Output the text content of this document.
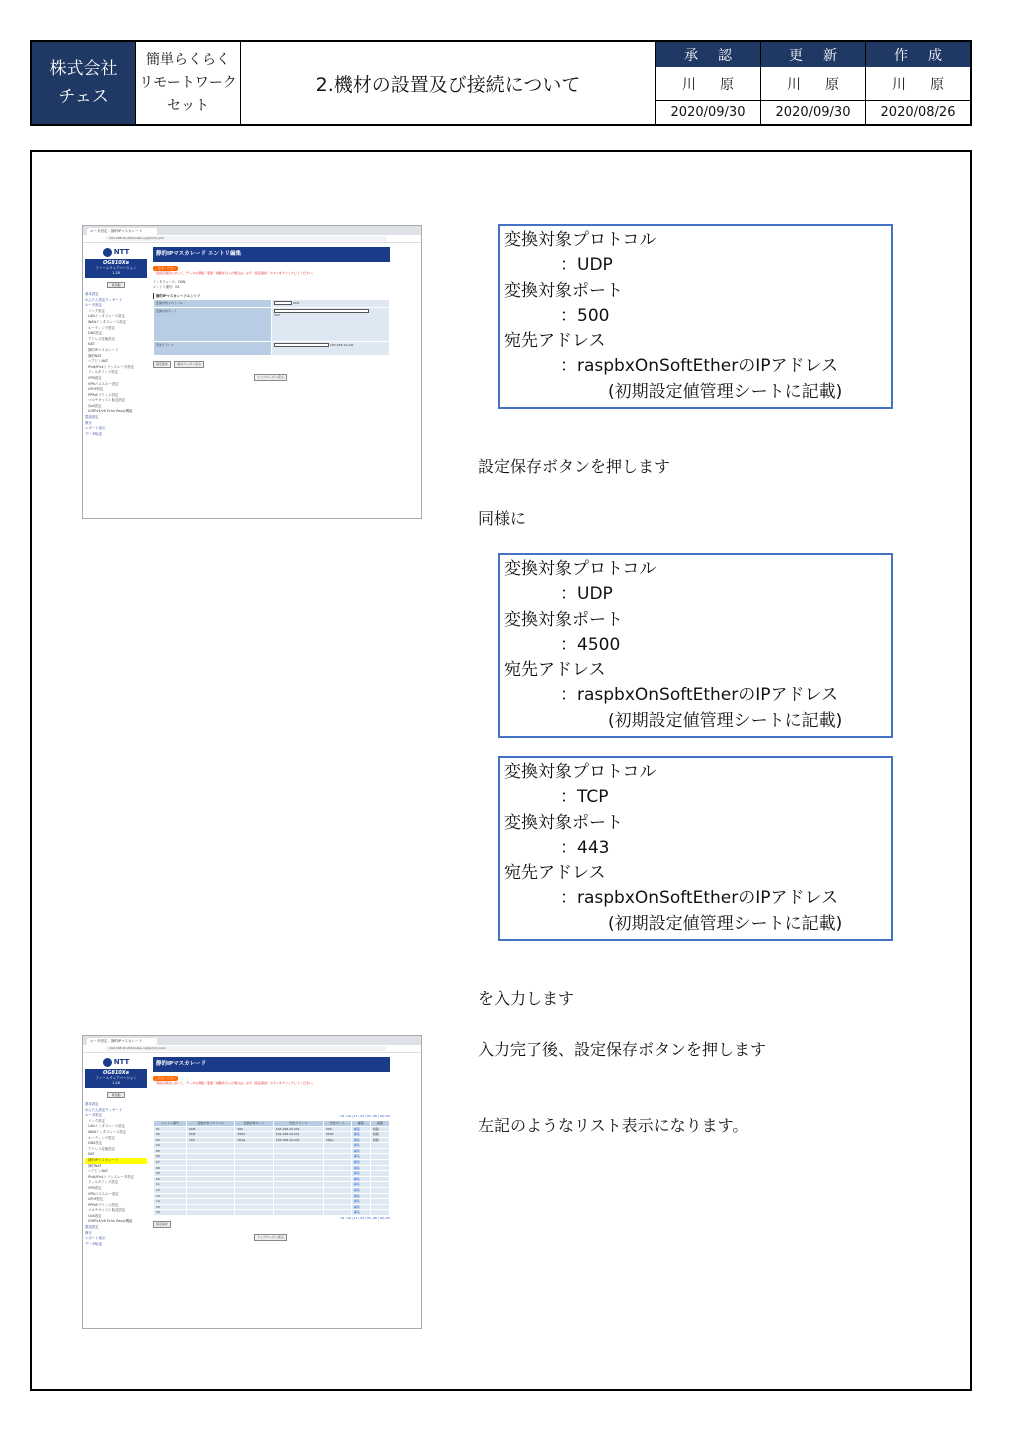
株式会社
チェス
簡単らくらく
リモートワーク
セット
2.機材の設置及び接続について
承認	更新	作成
川原	川原	川原
2020/09/30	2020/09/30	2020/08/26
ルータ設定 - 静的IPマスカレード
192.168.10.200/index.cgi/lpmsf_add
NTT
OG810Xa
ファームウェアバージョン
1.28
再起動
基本設定
かんたん設定ウィザード
ルータ設定
リンク設定
LANインタフェース設定
WANインタフェース設定
ルーティング設定
DNS設定
アドレス変換設定
NAT
静的IPマスカレード
静的NAT
ヘアピンNAT
IPv6/IPv4トランスレータ設定
フィルタリング設定
VPN設定
VPNパススルー設定
UPnP設定
PPPoEブリッジ設定
マルチキャスト転送設定
QoS設定
ICMPv4/v6 Echo Reply機能
電話設定
保守
レポート表示
データ転送
静的IPマスカレード エントリ編集
ご注意ください
・各設定項目において、データの登録／変更／削除を行った場合は、必ず［設定保存］ボタンをクリックしてください。
インタフェース：ODN
エントリ番号：04
静的IPマスカレードエントリ
変換対象プロトコル	UDP
変換対象ポート	500
宛先アドレス	192.168.10.241
設定保存	前のページへ戻る
トップページへ戻る
変換対象プロトコル
：UDP
変換対象ポート
：500
宛先アドレス
：raspbxOnSoftEtherのIPアドレス
(初期設定値管理シートに記載)
設定保存ボタンを押します
同様に
変換対象プロトコル
：UDP
変換対象ポート
：4500
宛先アドレス
：raspbxOnSoftEtherのIPアドレス
(初期設定値管理シートに記載)
変換対象プロトコル
：TCP
変換対象ポート
：443
宛先アドレス
：raspbxOnSoftEtherのIPアドレス
(初期設定値管理シートに記載)
を入力します
入力完了後、設定保存ボタンを押します
左記のようなリスト表示になります。
ルータ設定 - 静的IPマスカレード
192.168.10.200/index.cgi/lpmsf_main
NTT
OG810Xa
ファームウェアバージョン
1.28
再起動
基本設定
かんたん設定ウィザード
ルータ設定
リンク設定
LANインタフェース設定
WANインタフェース設定
ルーティング設定
DNS設定
アドレス変換設定
NAT
静的IPマスカレード
静的NAT
ヘアピンNAT
IPv6/IPv4トランスレータ設定
フィルタリング設定
VPN設定
VPNパススルー設定
UPnP設定
PPPoEブリッジ設定
マルチキャスト転送設定
QoS設定
ICMPv4/v6 Echo Reply機能
電話設定
保守
レポート表示
データ転送
静的IPマスカレード
ご注意ください
・各設定項目において、データの登録／変更／削除を行った場合は、必ず［設定保存］ボタンをクリックしてください。
01~16 | 17~32 | 33~48 | 49~50
エントリ番号	変換対象プロトコル	変換対象ポート	宛先アドレス	宛先ポート	編集	削除
01	UDP	500	192.168.10.241	500	編集	削除
02	UDP	4500	192.168.10.241	4500	編集	削除
03	TCP	https	192.168.10.241	https	編集	削除
04					編集	
05					編集	
06					編集	
07					編集	
08					編集	
09					編集	
10					編集	
11					編集	
12					編集	
13					編集	
14					編集	
15					編集	
16					編集	
01~16 | 17~32 | 33~48 | 49~50
設定保存
トップページへ戻る
